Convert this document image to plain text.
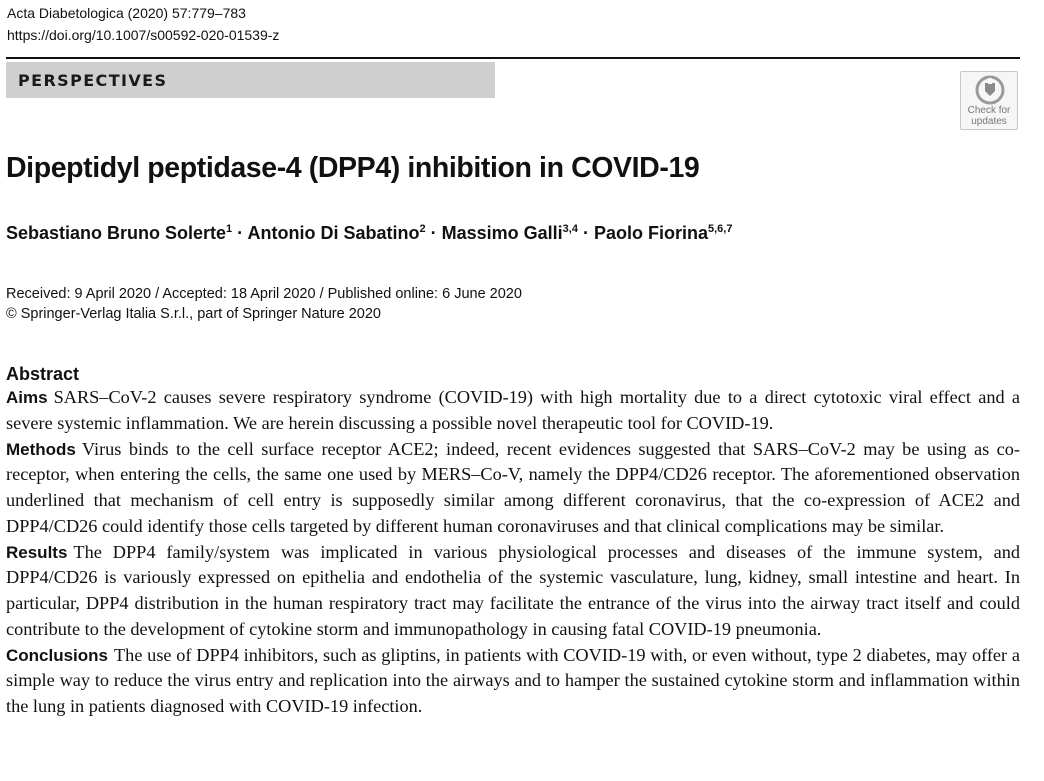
Acta Diabetologica (2020) 57:779–783
https://doi.org/10.1007/s00592-020-01539-z
PERSPECTIVES
Check for
updates
Dipeptidyl peptidase-4 (DPP4) inhibition in COVID-19
Sebastiano Bruno Solerte$^1$ · Antonio Di Sabatino$^2$ · Massimo Galli$^{3,4}$ · Paolo Fiorina$^{5,6,7}$
Received: 9 April 2020 / Accepted: 18 April 2020 / Published online: 6 June 2020
© Springer-Verlag Italia S.r.l., part of Springer Nature 2020
Abstract

Aims SARS–CoV-2 causes severe respiratory syndrome (COVID-19) with high mortality due to a direct cytotoxic viral effect and a severe systemic inflammation. We are herein discussing a possible novel therapeutic tool for COVID-19.

Methods Virus binds to the cell surface receptor ACE2; indeed, recent evidences suggested that SARS–CoV-2 may be using as co-receptor, when entering the cells, the same one used by MERS–Co-V, namely the DPP4/CD26 receptor. The aforementioned observation underlined that mechanism of cell entry is supposedly similar among different coronavirus, that the co-expression of ACE2 and DPP4/CD26 could identify those cells targeted by different human coronaviruses and that clinical complications may be similar.

Results The DPP4 family/system was implicated in various physiological processes and diseases of the immune system, and DPP4/CD26 is variously expressed on epithelia and endothelia of the systemic vasculature, lung, kidney, small intestine and heart. In particular, DPP4 distribution in the human respiratory tract may facilitate the entrance of the virus into the airway tract itself and could contribute to the development of cytokine storm and immunopathology in causing fatal COVID-19 pneumonia.

Conclusions The use of DPP4 inhibitors, such as gliptins, in patients with COVID-19 with, or even without, type 2 diabetes, may offer a simple way to reduce the virus entry and replication into the airways and to hamper the sustained cytokine storm and inflammation within the lung in patients diagnosed with COVID-19 infection.
